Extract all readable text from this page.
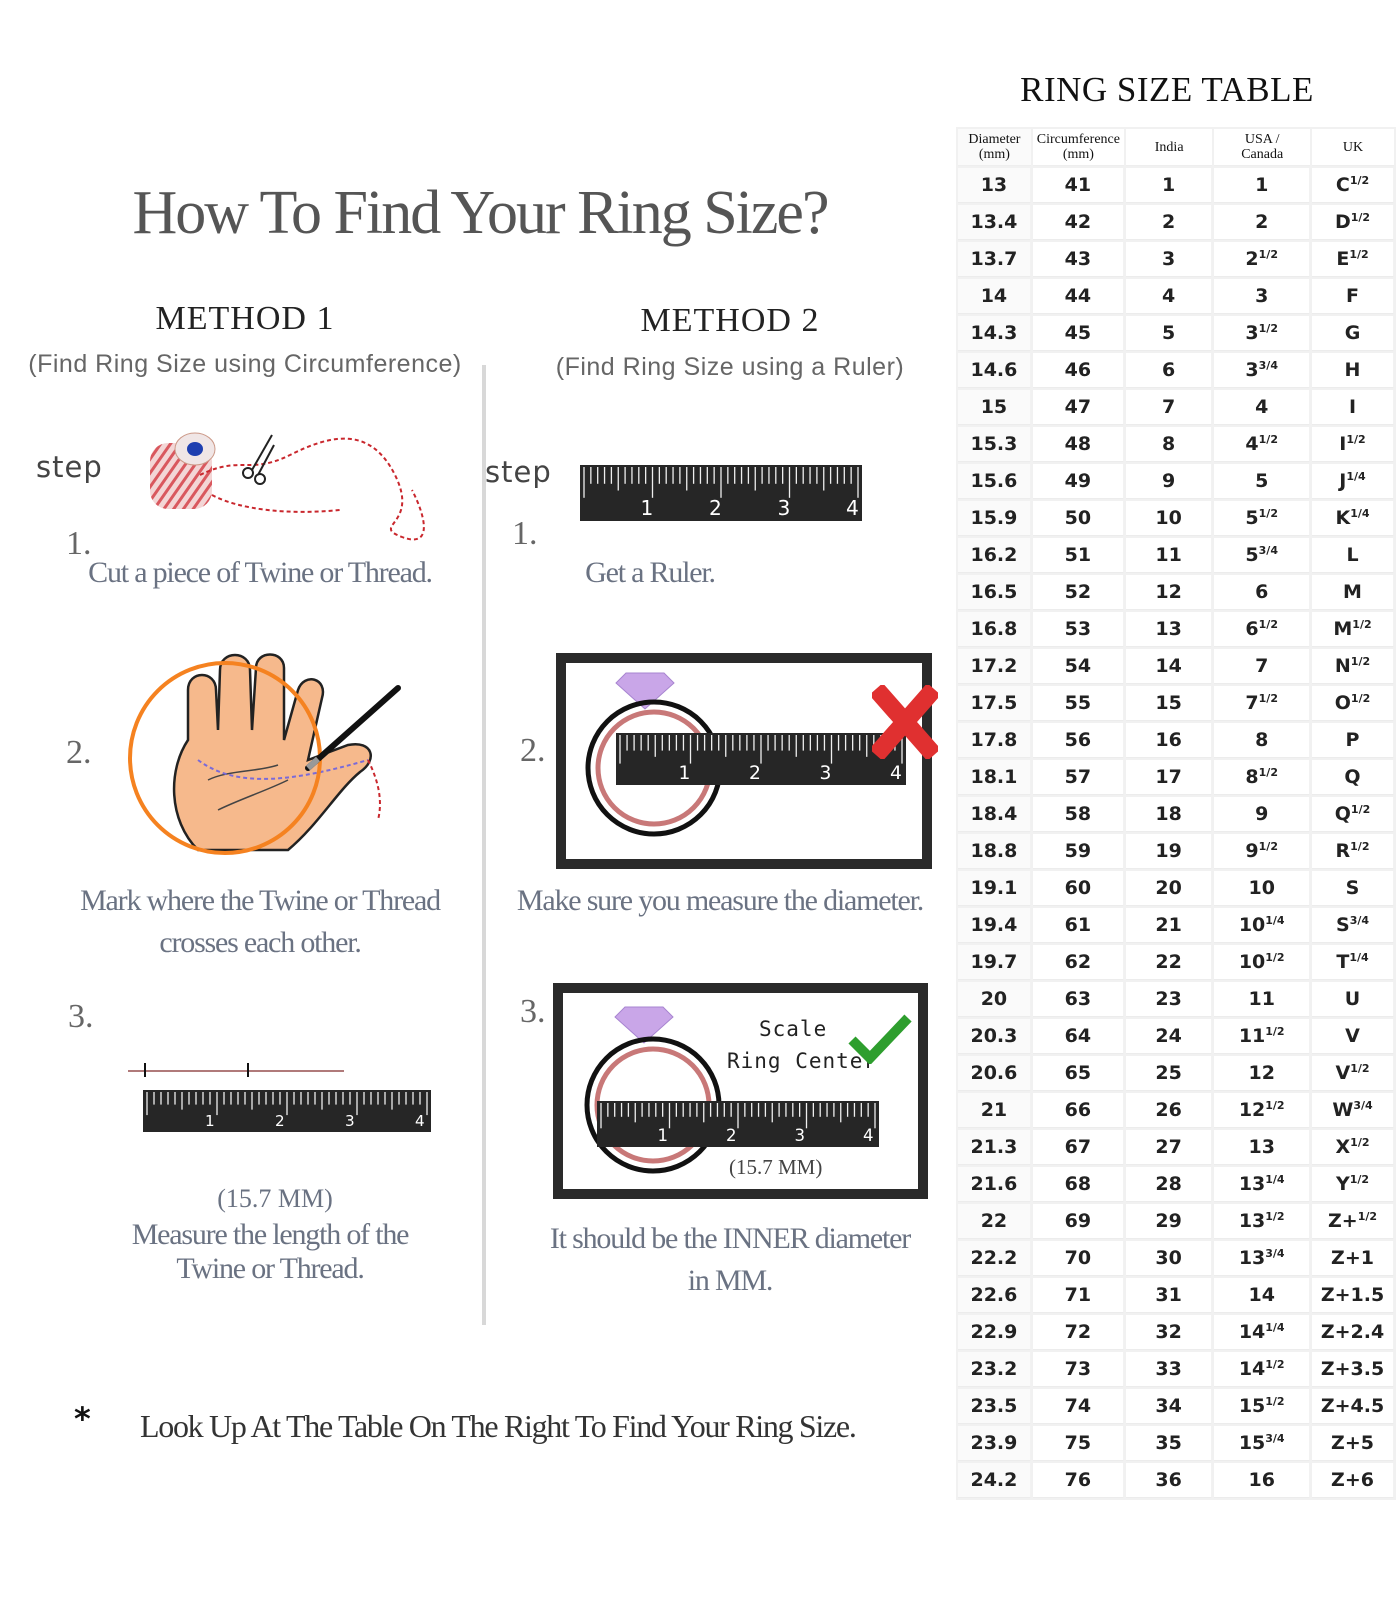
How To Find Your Ring Size?
METHOD 1
(Find Ring Size using Circumference)
METHOD 2
(Find Ring Size using a Ruler)
step
1.
Cut a piece of Twine or Thread.
2.
Mark where the Twine or Thread
crosses each other.
3.
1	2	3	4
(15.7 MM)
Measure the length of the
Twine or Thread.
step
1.
1	2	3	4
Get a Ruler.
2.
1	2	3	4
Make sure you measure the diameter.
3.	Scale
Ring Center
1	2	3	4
(15.7 MM)
It should be the INNER diameter
in MM.
* Look Up At The Table On The Right To Find Your Ring Size.
RING SIZE TABLE
Diameter
(mm)	Circumference
(mm)	India	USA /
Canada	UK
13	41	1	1	$C^{1/2}$
13.4	42	2	2	$D^{1/2}$
13.7	43	3	$2^{1/2}$	$E^{1/2}$
14	44	4	3	F
14.3	45	5	$3^{1/2}$	G
14.6	46	6	$3^{3/4}$	H
15	47	7	4	I
15.3	48	8	$4^{1/2}$	$I^{1/2}$
15.6	49	9	5	$J^{1/4}$
15.9	50	10	$5^{1/2}$	$K^{1/4}$
16.2	51	11	$5^{3/4}$	L
16.5	52	12	6	M
16.8	53	13	$6^{1/2}$	$M^{1/2}$
17.2	54	14	7	$N^{1/2}$
17.5	55	15	$7^{1/2}$	$O^{1/2}$
17.8	56	16	8	P
18.1	57	17	$8^{1/2}$	Q
18.4	58	18	9	$Q^{1/2}$
18.8	59	19	$9^{1/2}$	$R^{1/2}$
19.1	60	20	10	S
19.4	61	21	$10^{1/4}$	$S^{3/4}$
19.7	62	22	$10^{1/2}$	$T^{1/4}$
20	63	23	11	U
20.3	64	24	$11^{1/2}$	V
20.6	65	25	12	$V^{1/2}$
21	66	26	$12^{1/2}$	$W^{3/4}$
21.3	67	27	13	$X^{1/2}$
21.6	68	28	$13^{1/4}$	$Y^{1/2}$
22	69	29	$13^{1/2}$	Z+$^{1/2}$
22.2	70	30	$13^{3/4}$	Z+1
22.6	71	31	14	Z+1.5
22.9	72	32	$14^{1/4}$	Z+2.4
23.2	73	33	$14^{1/2}$	Z+3.5
23.5	74	34	$15^{1/2}$	Z+4.5
23.9	75	35	$15^{3/4}$	Z+5
24.2	76	36	16	Z+6
